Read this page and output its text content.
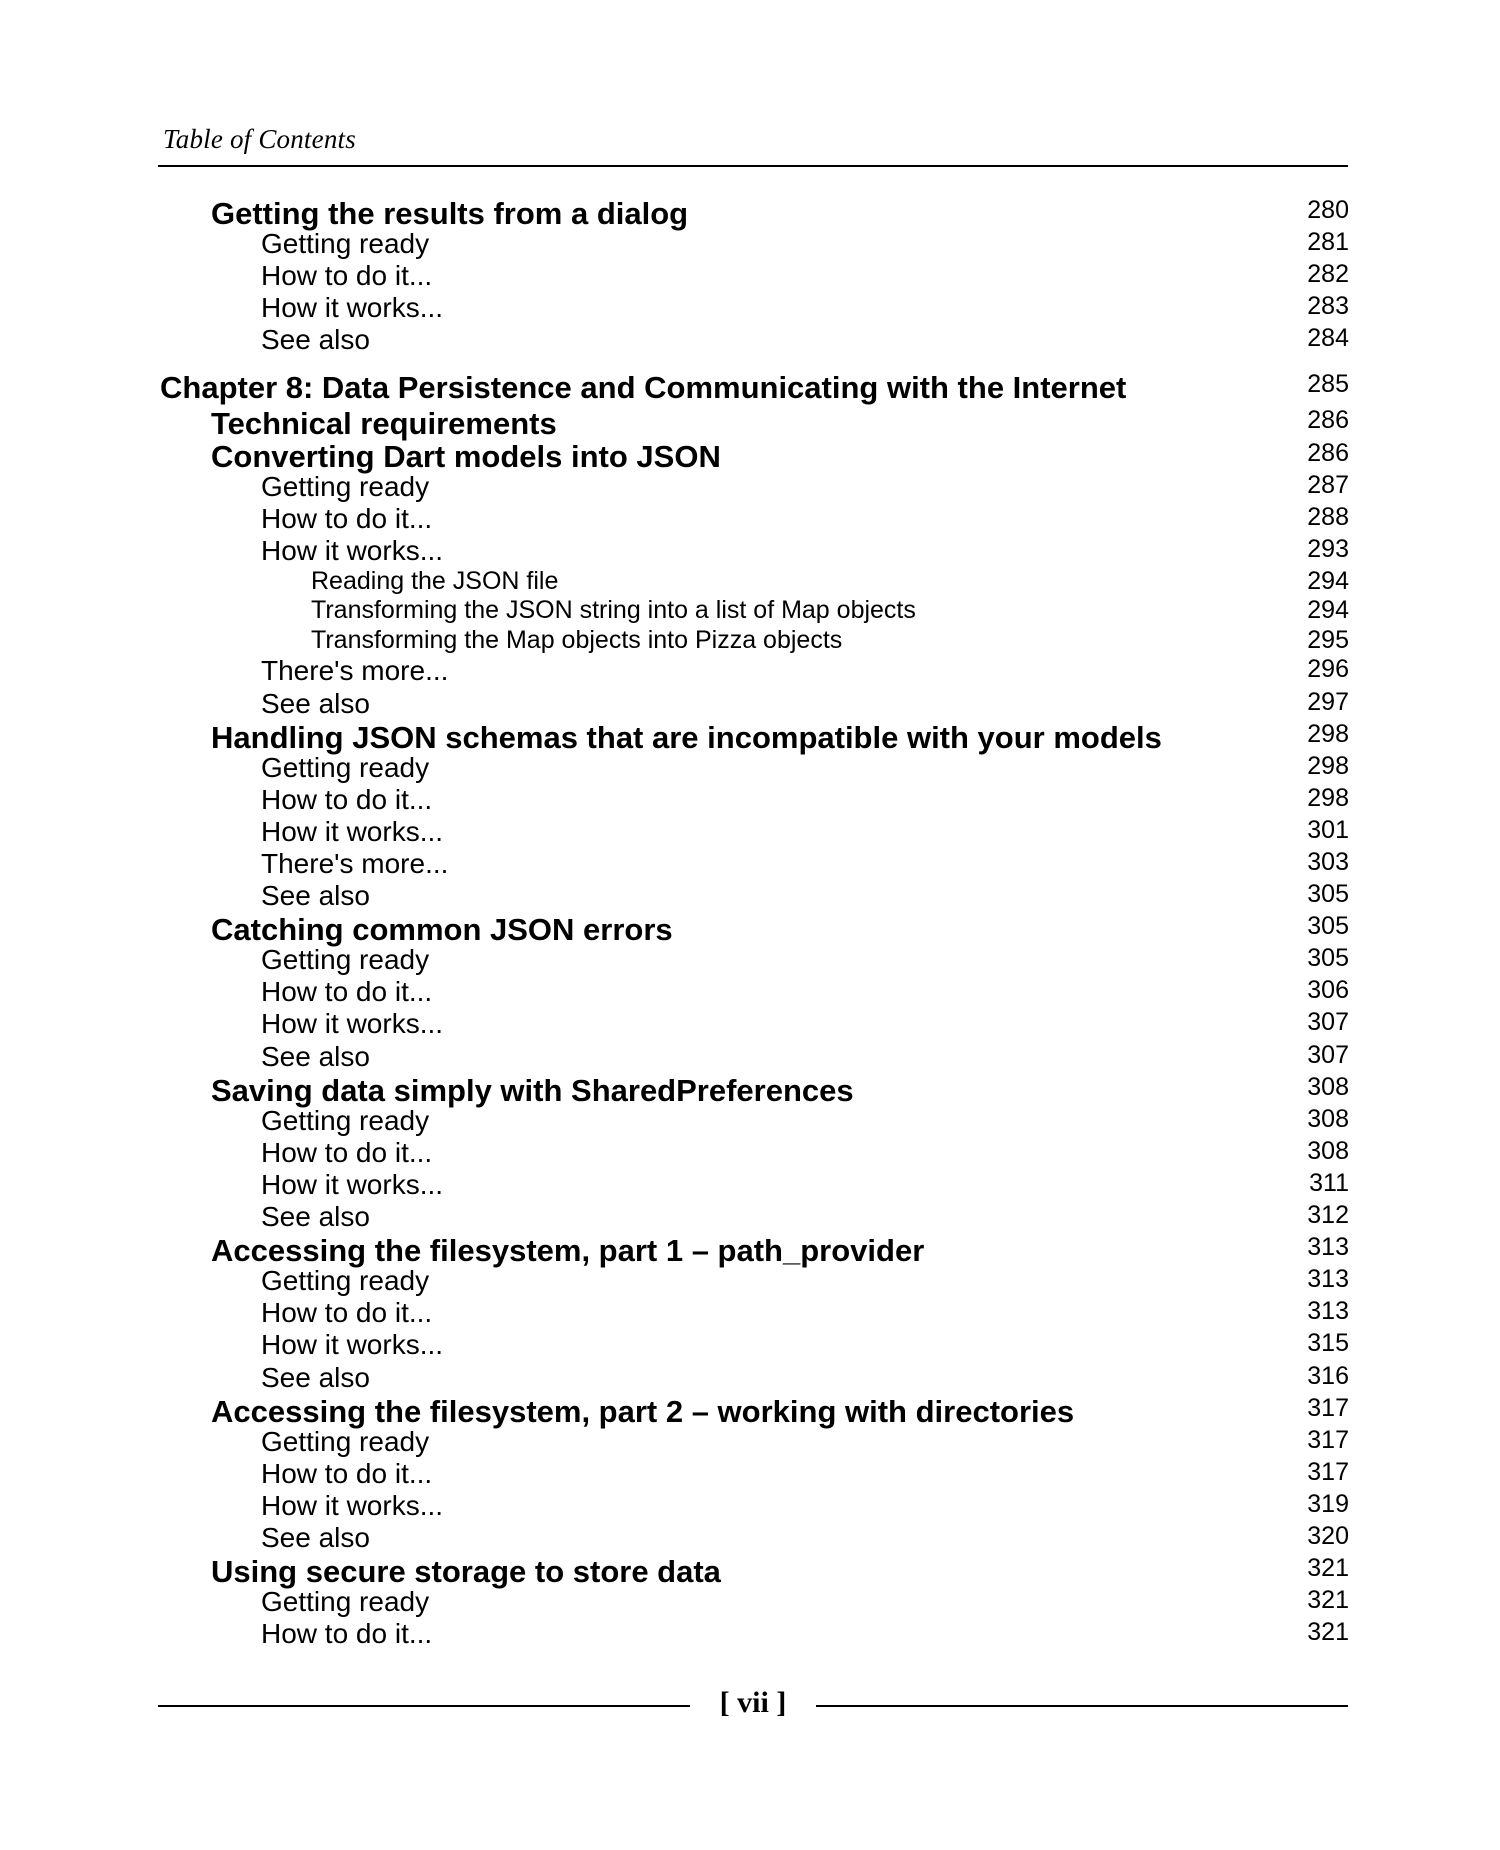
Table of Contents
Getting the results from a dialog	280
Getting ready	281
How to do it...	282
How it works...	283
See also	284
Chapter 8: Data Persistence and Communicating with the Internet	285
Technical requirements	286
Converting Dart models into JSON	286
Getting ready	287
How to do it...	288
How it works...	293
Reading the JSON file	294
Transforming the JSON string into a list of Map objects	294
Transforming the Map objects into Pizza objects	295
There's more...	296
See also	297
Handling JSON schemas that are incompatible with your models	298
Getting ready	298
How to do it...	298
How it works...	301
There's more...	303
See also	305
Catching common JSON errors	305
Getting ready	305
How to do it...	306
How it works...	307
See also	307
Saving data simply with SharedPreferences	308
Getting ready	308
How to do it...	308
How it works...	311
See also	312
Accessing the filesystem, part 1 – path_provider	313
Getting ready	313
How to do it...	313
How it works...	315
See also	316
Accessing the filesystem, part 2 – working with directories	317
Getting ready	317
How to do it...	317
How it works...	319
See also	320
Using secure storage to store data	321
Getting ready	321
How to do it...	321
[ vii ]
